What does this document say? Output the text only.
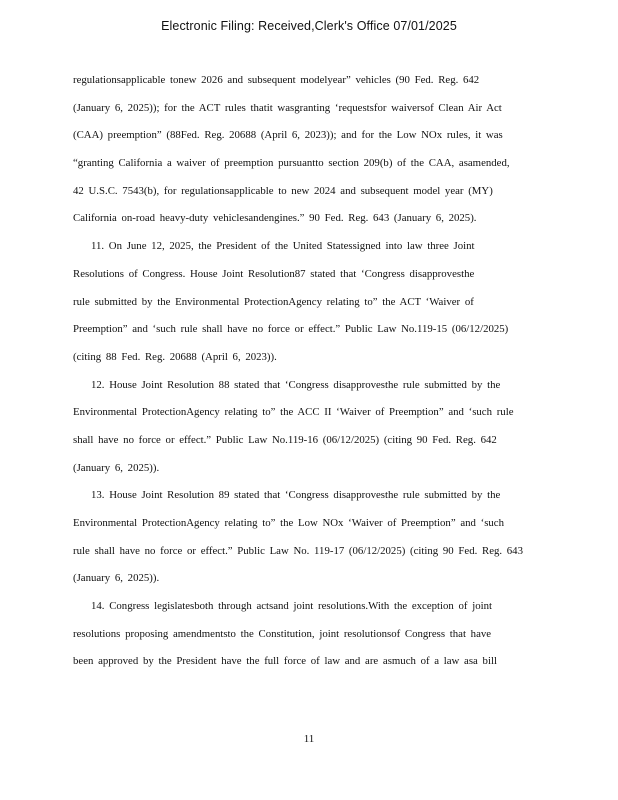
Electronic Filing: Received,Clerk's Office 07/01/2025
regulationsapplicable tonew 2026 and subsequent modelyear” vehicles (90 Fed. Reg. 642
(January 6, 2025)); for the ACT rules thatit wasgranting ‘requestsfor waiversof Clean Air Act
(CAA) preemption” (88Fed. Reg. 20688 (April 6, 2023)); and for the Low NOx rules, it was
“granting California a waiver of preemption pursuantto section 209(b) of the CAA, asamended,
42 U.S.C. 7543(b), for regulationsapplicable to new 2024 and subsequent model year (MY)
California on-road heavy-duty vehiclesandengines.” 90 Fed. Reg. 643 (January 6, 2025).
11. On June 12, 2025, the President of the United Statessigned into law three Joint
Resolutions of Congress. House Joint Resolution87 stated that ‘Congress disapprovesthe
rule submitted by the Environmental ProtectionAgency relating to” the ACT ‘Waiver of
Preemption” and ‘such rule shall have no force or effect.” Public Law No.119-15 (06/12/2025)
(citing 88 Fed. Reg. 20688 (April 6, 2023)).
12. House Joint Resolution 88 stated that ‘Congress disapprovesthe rule submitted by the
Environmental ProtectionAgency relating to” the ACC II ‘Waiver of Preemption” and ‘such rule
shall have no force or effect.” Public Law No.119-16 (06/12/2025) (citing 90 Fed. Reg. 642
(January 6, 2025)).
13. House Joint Resolution 89 stated that ‘Congress disapprovesthe rule submitted by the
Environmental ProtectionAgency relating to” the Low NOx ‘Waiver of Preemption” and ‘such
rule shall have no force or effect.” Public Law No. 119-17 (06/12/2025) (citing 90 Fed. Reg. 643
(January 6, 2025)).
14. Congress legislatesboth through actsand joint resolutions.With the exception of joint
resolutions proposing amendmentsto the Constitution, joint resolutionsof Congress that have
been approved by the President have the full force of law and are asmuch of a law asa bill
11
